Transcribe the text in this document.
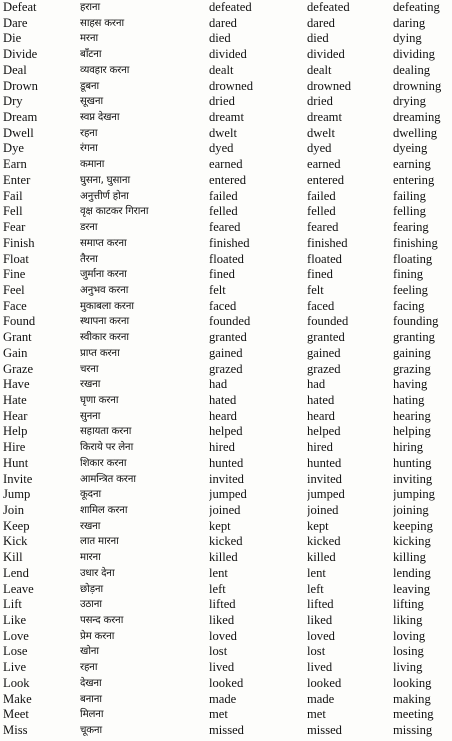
Defeat	हराना	defeated	defeated	defeating
Dare	साहस करना	dared	dared	daring
Die	मरना	died	died	dying
Divide	बाँटना	divided	divided	dividing
Deal	व्यवहार करना	dealt	dealt	dealing
Drown	डूबना	drowned	drowned	drowning
Dry	सूखना	dried	dried	drying
Dream	स्वप्न देखना	dreamt	dreamt	dreaming
Dwell	रहना	dwelt	dwelt	dwelling
Dye	रंगना	dyed	dyed	dyeing
Earn	कमाना	earned	earned	earning
Enter	घुसना, घुसाना	entered	entered	entering
Fail	अनुत्तीर्ण होना	failed	failed	failing
Fell	वृक्ष काटकर गिराना	felled	felled	felling
Fear	डरना	feared	feared	fearing
Finish	समाप्त करना	finished	finished	finishing
Float	तैरना	floated	floated	floating
Fine	जुर्माना करना	fined	fined	fining
Feel	अनुभव करना	felt	felt	feeling
Face	मुकाबला करना	faced	faced	facing
Found	स्थापना करना	founded	founded	founding
Grant	स्वीकार करना	granted	granted	granting
Gain	प्राप्त करना	gained	gained	gaining
Graze	चरना	grazed	grazed	grazing
Have	रखना	had	had	having
Hate	घृणा करना	hated	hated	hating
Hear	सुनना	heard	heard	hearing
Help	सहायता करना	helped	helped	helping
Hire	किराये पर लेना	hired	hired	hiring
Hunt	शिकार करना	hunted	hunted	hunting
Invite	आमन्त्रित करना	invited	invited	inviting
Jump	कूदना	jumped	jumped	jumping
Join	शामिल करना	joined	joined	joining
Keep	रखना	kept	kept	keeping
Kick	लात मारना	kicked	kicked	kicking
Kill	मारना	killed	killed	killing
Lend	उधार देना	lent	lent	lending
Leave	छोड़ना	left	left	leaving
Lift	उठाना	lifted	lifted	lifting
Like	पसन्द करना	liked	liked	liking
Love	प्रेम करना	loved	loved	loving
Lose	खोना	lost	lost	losing
Live	रहना	lived	lived	living
Look	देखना	looked	looked	looking
Make	बनाना	made	made	making
Meet	मिलना	met	met	meeting
Miss	चूकना	missed	missed	missing
